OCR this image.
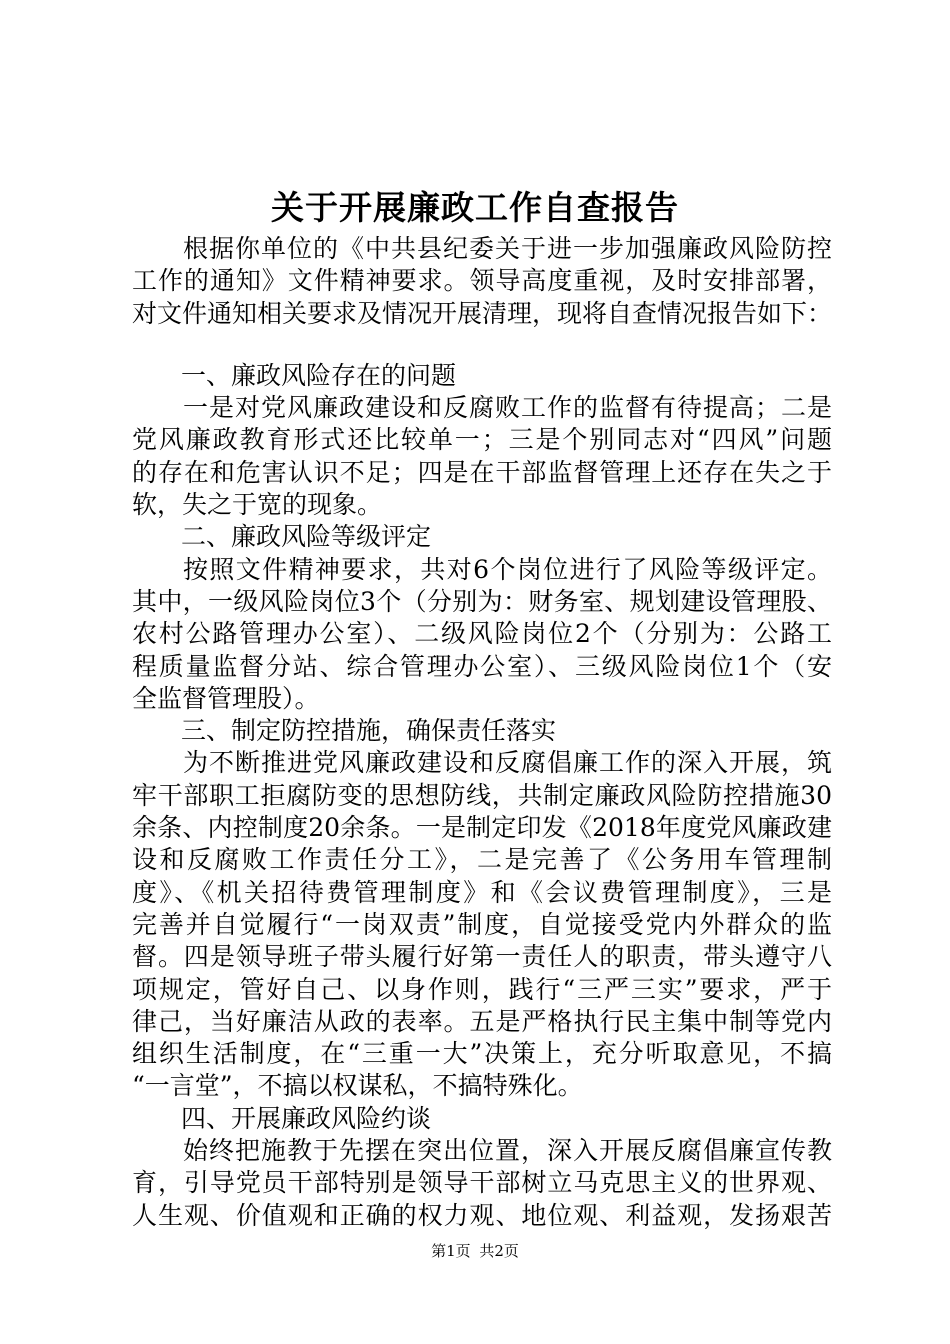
关于开展廉政工作自查报告
根据你单位的《中共县纪委关于进一步加强廉政风险防控
工作的通知》文件精神要求。领导高度重视，及时安排部署，
对文件通知相关要求及情况开展清理，现将自查情况报告如下：
一、廉政风险存在的问题
一是对党风廉政建设和反腐败工作的监督有待提高；二是
党风廉政教育形式还比较单一；三是个别同志对“四风”问题
的存在和危害认识不足；四是在干部监督管理上还存在失之于
软，失之于宽的现象。
二、廉政风险等级评定
按照文件精神要求，共对6个岗位进行了风险等级评定。
其中，一级风险岗位3个（分别为：财务室、规划建设管理股、
农村公路管理办公室）、二级风险岗位2个（分别为：公路工
程质量监督分站、综合管理办公室）、三级风险岗位1个（安
全监督管理股）。
三、制定防控措施，确保责任落实
为不断推进党风廉政建设和反腐倡廉工作的深入开展，筑
牢干部职工拒腐防变的思想防线，共制定廉政风险防控措施30
余条、内控制度20余条。一是制定印发《2018年度党风廉政建
设和反腐败工作责任分工》，二是完善了《公务用车管理制
度》、《机关招待费管理制度》和《会议费管理制度》，三是
完善并自觉履行“一岗双责”制度，自觉接受党内外群众的监
督。四是领导班子带头履行好第一责任人的职责，带头遵守八
项规定，管好自己、以身作则，践行“三严三实”要求，严于
律己，当好廉洁从政的表率。五是严格执行民主集中制等党内
组织生活制度，在“三重一大”决策上，充分听取意见，不搞
“一言堂”，不搞以权谋私，不搞特殊化。
四、开展廉政风险约谈
始终把施教于先摆在突出位置，深入开展反腐倡廉宣传教
育，引导党员干部特别是领导干部树立马克思主义的世界观、
人生观、价值观和正确的权力观、地位观、利益观，发扬艰苦
第1页 共2页
